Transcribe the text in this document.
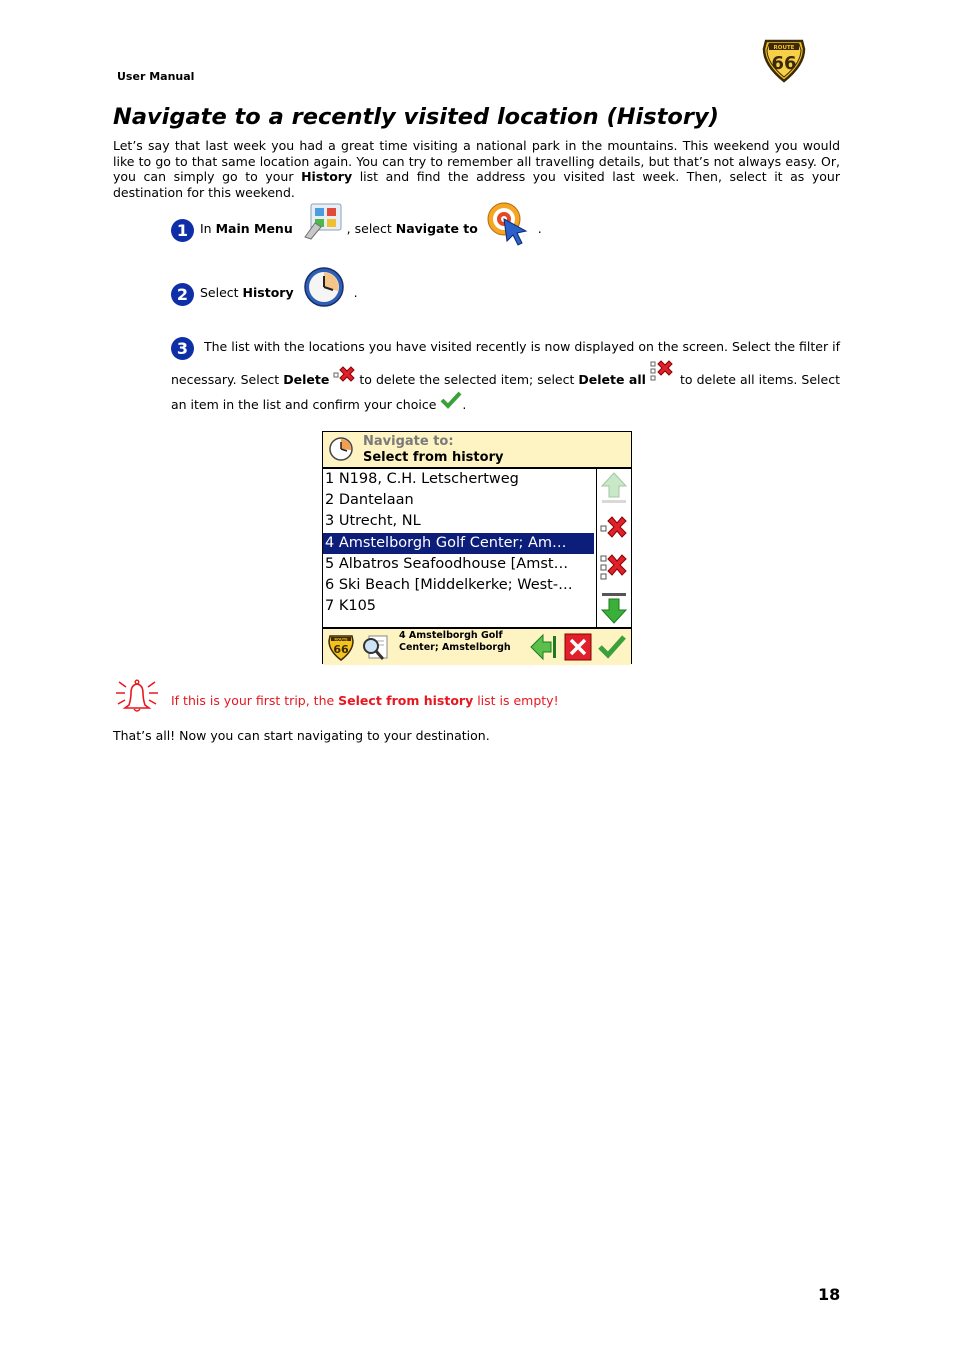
User Manual
ROUTE
66
Navigate to a recently visited location (History)

Let’s say that last week you had a great time visiting a national park in the mountains. This weekend you would like to go to that same location again. You can try to remember all travelling details, but that’s not always easy. Or, you can simply go to your History list and find the address you visited last week. Then, select it as your destination for this weekend.

1 In Main Menu	, select Navigate to	.
2 Select History	.
3 The list with the locations you have visited recently is now displayed on the screen. Select the filter if necessary. Select Delete  to delete the selected item; select Delete all  to delete all items. Select an item in the list and confirm your choice .
Navigate to:
Select from history
1 N198, C.H. Letschertweg
2 Dantelaan
3 Utrecht, NL
4 Amstelborgh Golf Center; Am…
5 Albatros Seafoodhouse [Amst…
6 Ski Beach [Middelkerke; West-…
7 K105
ROUTE
66
4 Amstelborgh Golf Center; Amstelborgh
If this is your first trip, the Select from history list is empty!
That’s all! Now you can start navigating to your destination.
18
